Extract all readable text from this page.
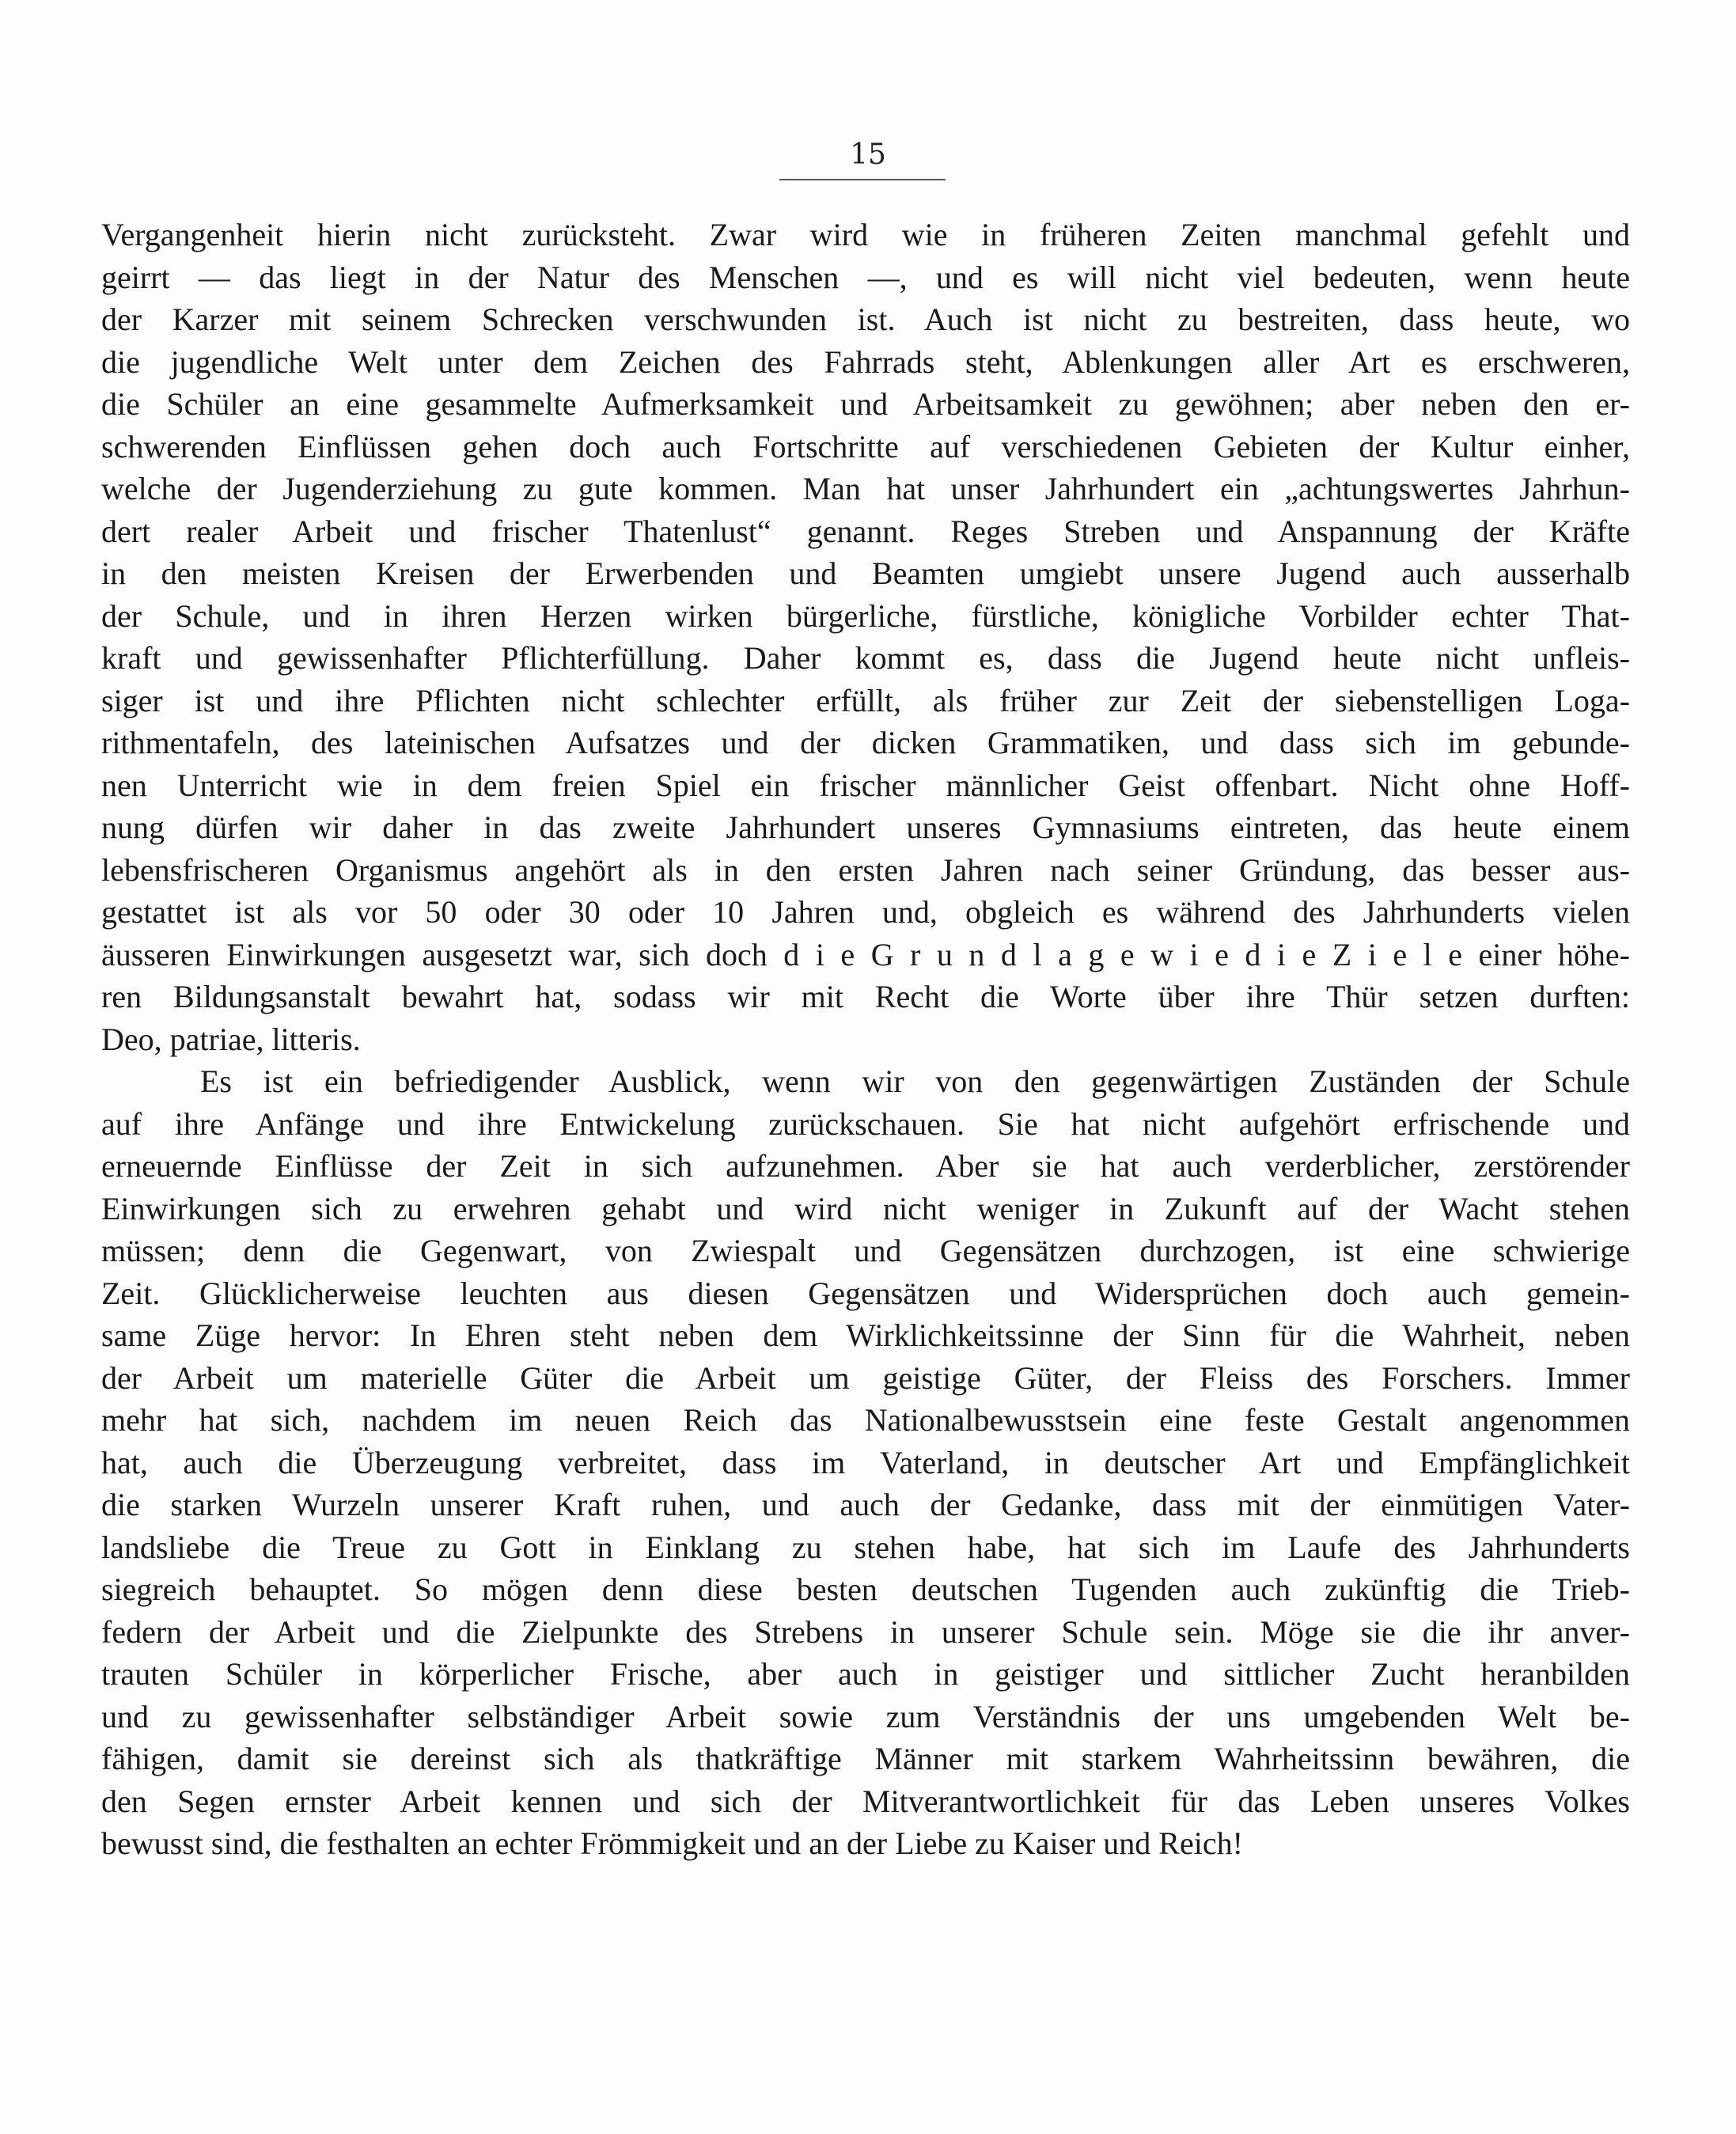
15
Vergangenheit hierin nicht zurücksteht. Zwar wird wie in früheren Zeiten manchmal gefehlt und
geirrt — das liegt in der Natur des Menschen —, und es will nicht viel bedeuten, wenn heute
der Karzer mit seinem Schrecken verschwunden ist. Auch ist nicht zu bestreiten, dass heute, wo
die jugendliche Welt unter dem Zeichen des Fahrrads steht, Ablenkungen aller Art es erschweren,
die Schüler an eine gesammelte Aufmerksamkeit und Arbeitsamkeit zu gewöhnen; aber neben den er-
schwerenden Einflüssen gehen doch auch Fortschritte auf verschiedenen Gebieten der Kultur einher,
welche der Jugenderziehung zu gute kommen. Man hat unser Jahrhundert ein „achtungswertes Jahrhun-
dert realer Arbeit und frischer Thatenlust“ genannt. Reges Streben und Anspannung der Kräfte
in den meisten Kreisen der Erwerbenden und Beamten umgiebt unsere Jugend auch ausserhalb
der Schule, und in ihren Herzen wirken bürgerliche, fürstliche, königliche Vorbilder echter That-
kraft und gewissenhafter Pflichterfüllung. Daher kommt es, dass die Jugend heute nicht unfleis-
siger ist und ihre Pflichten nicht schlechter erfüllt, als früher zur Zeit der siebenstelligen Loga-
rithmentafeln, des lateinischen Aufsatzes und der dicken Grammatiken, und dass sich im gebunde-
nen Unterricht wie in dem freien Spiel ein frischer männlicher Geist offenbart. Nicht ohne Hoff-
nung dürfen wir daher in das zweite Jahrhundert unseres Gymnasiums eintreten, das heute einem
lebensfrischeren Organismus angehört als in den ersten Jahren nach seiner Gründung, das besser aus-
gestattet ist als vor 50 oder 30 oder 10 Jahren und, obgleich es während des Jahrhunderts vielen
äusseren Einwirkungen ausgesetzt war, sich doch d i e G r u n d l a g e w i e d i e Z i e l e einer höhe-
ren Bildungsanstalt bewahrt hat, sodass wir mit Recht die Worte über ihre Thür setzen durften:
Deo, patriae, litteris.
Es ist ein befriedigender Ausblick, wenn wir von den gegenwärtigen Zuständen der Schule
auf ihre Anfänge und ihre Entwickelung zurückschauen. Sie hat nicht aufgehört erfrischende und
erneuernde Einflüsse der Zeit in sich aufzunehmen. Aber sie hat auch verderblicher, zerstörender
Einwirkungen sich zu erwehren gehabt und wird nicht weniger in Zukunft auf der Wacht stehen
müssen; denn die Gegenwart, von Zwiespalt und Gegensätzen durchzogen, ist eine schwierige
Zeit. Glücklicherweise leuchten aus diesen Gegensätzen und Widersprüchen doch auch gemein-
same Züge hervor: In Ehren steht neben dem Wirklichkeitssinne der Sinn für die Wahrheit, neben
der Arbeit um materielle Güter die Arbeit um geistige Güter, der Fleiss des Forschers. Immer
mehr hat sich, nachdem im neuen Reich das Nationalbewusstsein eine feste Gestalt angenommen
hat, auch die Überzeugung verbreitet, dass im Vaterland, in deutscher Art und Empfänglichkeit
die starken Wurzeln unserer Kraft ruhen, und auch der Gedanke, dass mit der einmütigen Vater-
landsliebe die Treue zu Gott in Einklang zu stehen habe, hat sich im Laufe des Jahrhunderts
siegreich behauptet. So mögen denn diese besten deutschen Tugenden auch zukünftig die Trieb-
federn der Arbeit und die Zielpunkte des Strebens in unserer Schule sein. Möge sie die ihr anver-
trauten Schüler in körperlicher Frische, aber auch in geistiger und sittlicher Zucht heranbilden
und zu gewissenhafter selbständiger Arbeit sowie zum Verständnis der uns umgebenden Welt be-
fähigen, damit sie dereinst sich als thatkräftige Männer mit starkem Wahrheitssinn bewähren, die
den Segen ernster Arbeit kennen und sich der Mitverantwortlichkeit für das Leben unseres Volkes
bewusst sind, die festhalten an echter Frömmigkeit und an der Liebe zu Kaiser und Reich!
